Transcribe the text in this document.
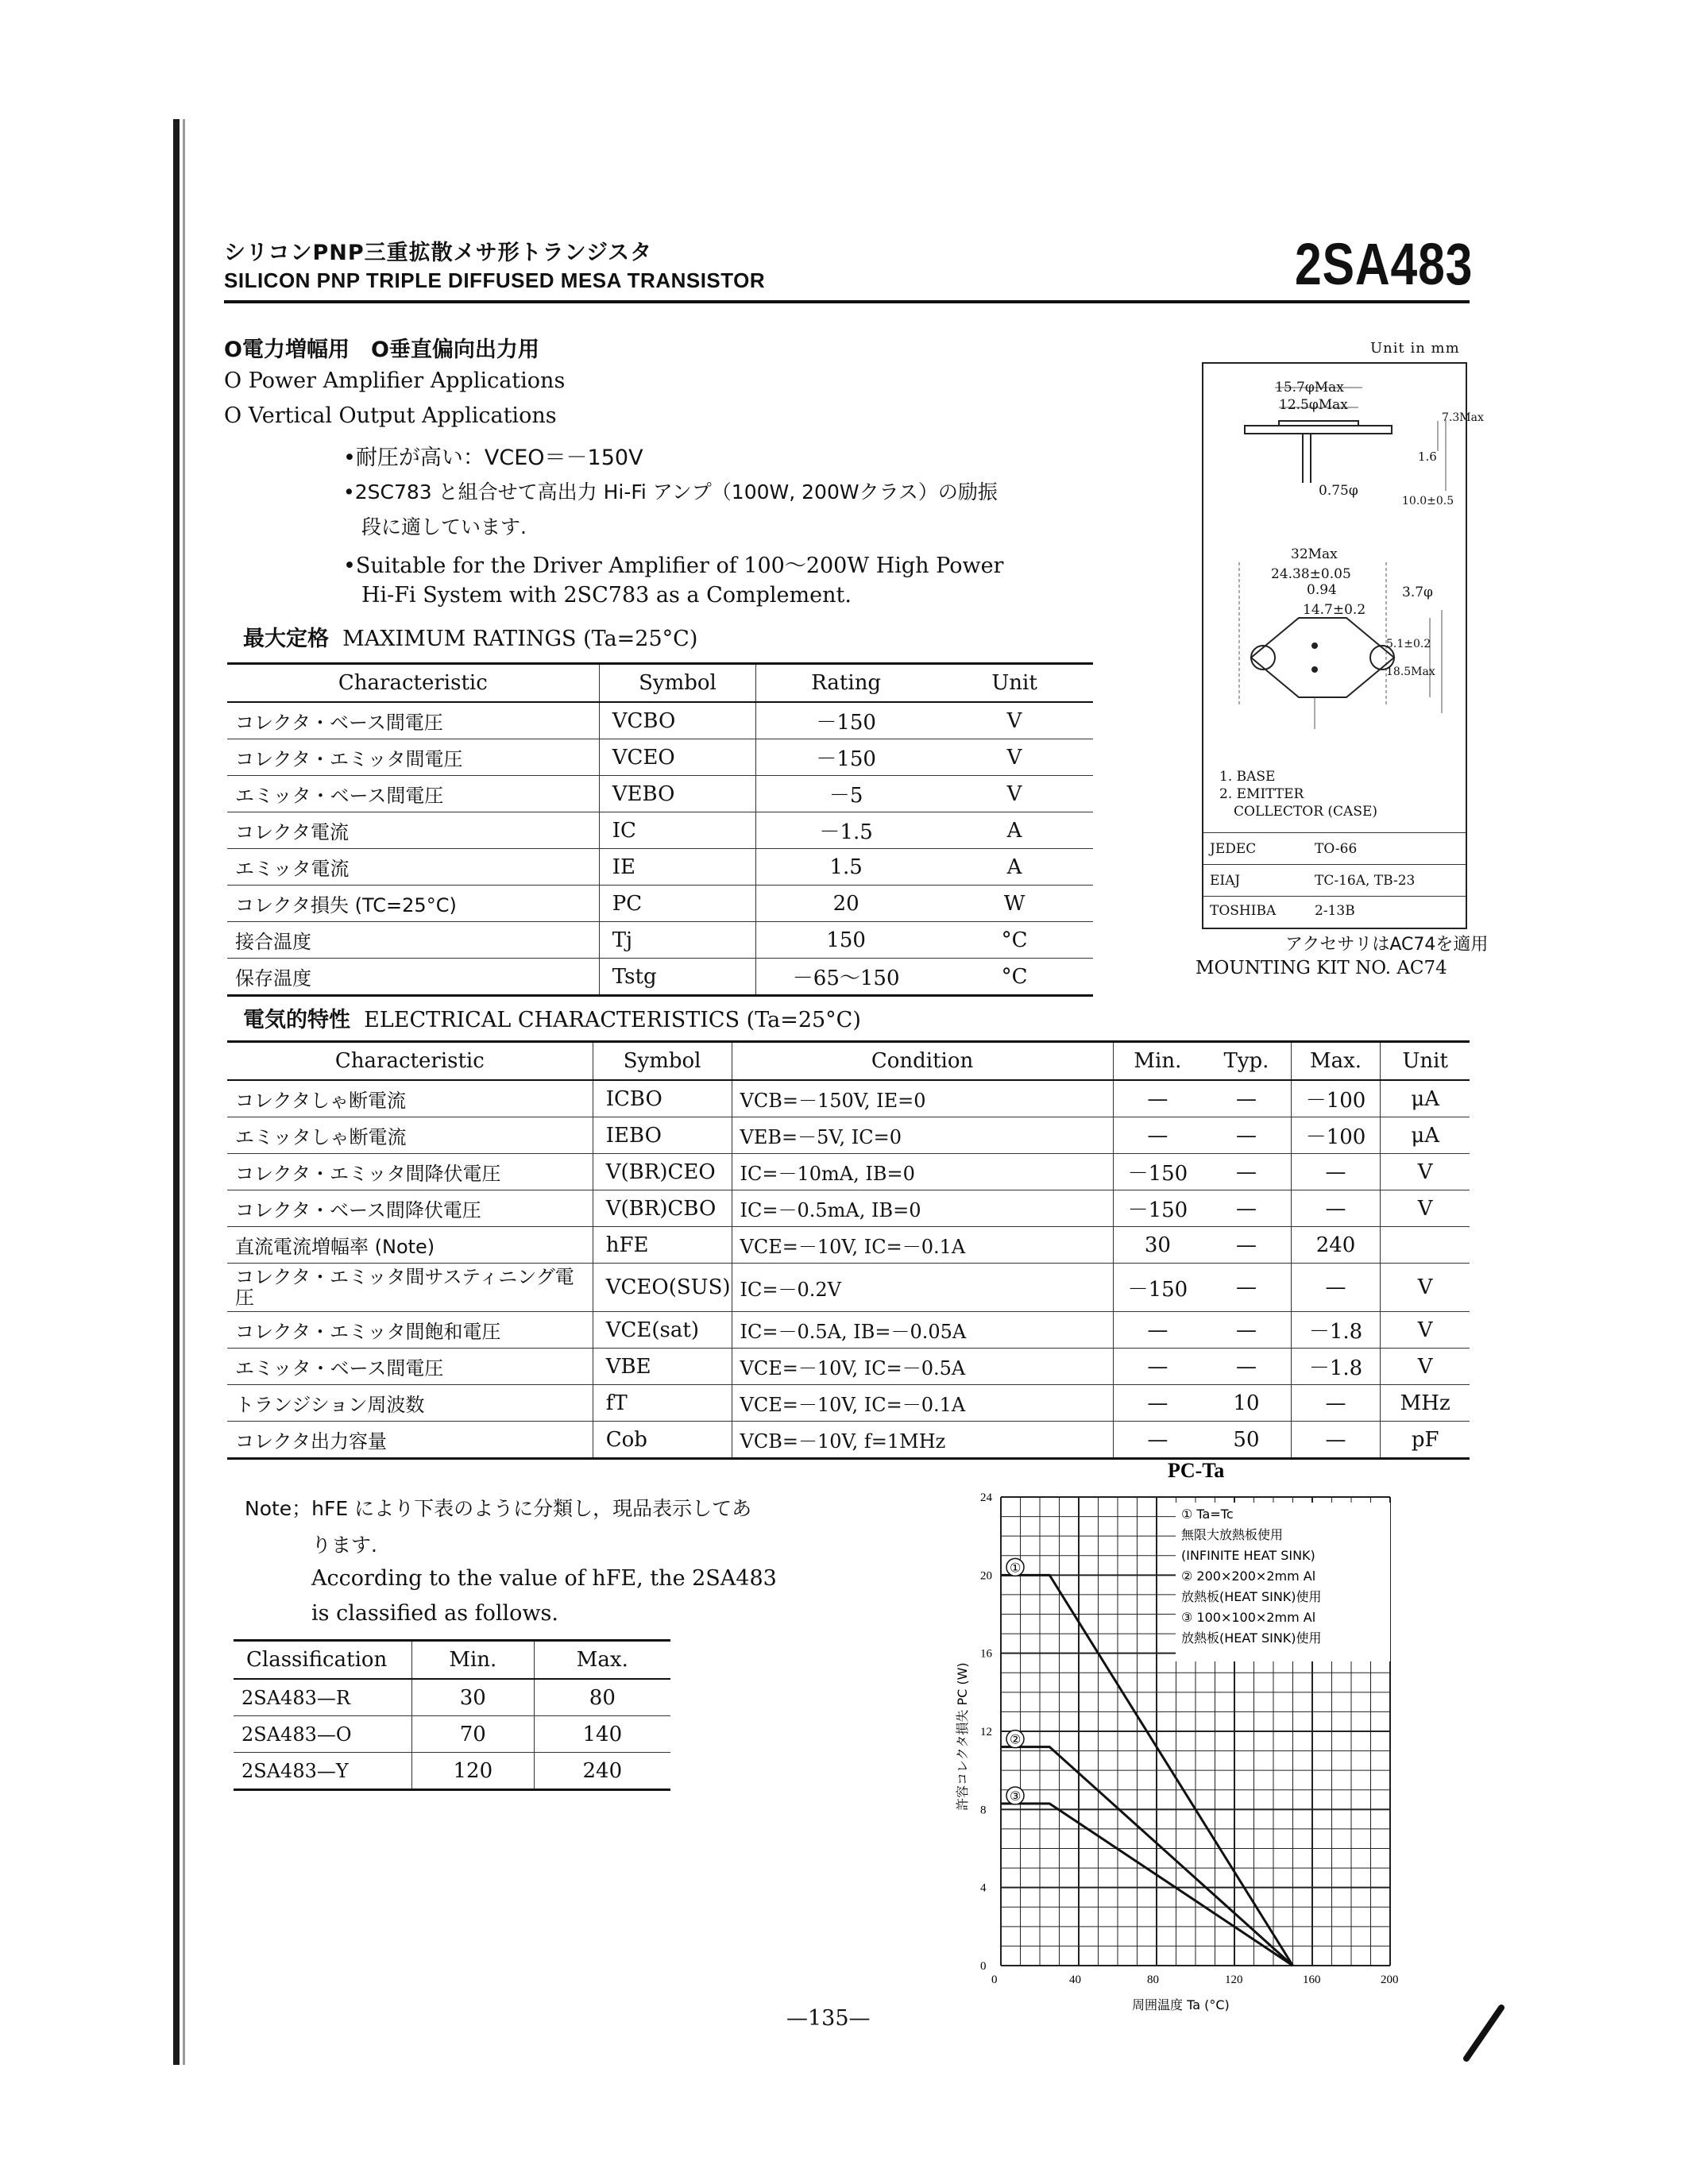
シリコンPNP三重拡散メサ形トランジスタ
SILICON PNP TRIPLE DIFFUSED MESA TRANSISTOR	2SA483
O電力増幅用　O垂直偏向出力用
O Power Amplifier Applications
O Vertical Output Applications
•耐圧が高い：VCEO＝－150V
•2SC783 と組合せて高出力 Hi-Fi アンプ（100W, 200Wクラス）の励振
段に適しています.
•Suitable for the Driver Amplifier of 100～200W High Power
Hi-Fi System with 2SC783 as a Complement.
最大定格 MAXIMUM RATINGS (Ta=25°C)
Characteristic	Symbol	Rating	Unit
コレクタ・ベース間電圧	VCBO	－150	V
コレクタ・エミッタ間電圧	VCEO	－150	V
エミッタ・ベース間電圧	VEBO	－5	V
コレクタ電流	IC	－1.5	A
エミッタ電流	IE	1.5	A
コレクタ損失 (TC=25°C)	PC	20	W
接合温度	Tj	150	°C
保存温度	Tstg	－65～150	°C
Unit in mm
15.7φMax
12.5φMax
1.6
7.3Max
10.0±0.5
0.75φ
32Max
24.38±0.05
0.94	3.7φ
14.7±0.2
5.1±0.2
18.5Max
1. BASE
2. EMITTER
COLLECTOR (CASE)
JEDEC	TO-66
EIAJ	TC-16A, TB-23
TOSHIBA	2-13B
アクセサリはAC74を適用
MOUNTING KIT NO. AC74
電気的特性 ELECTRICAL CHARACTERISTICS (Ta=25°C)
Characteristic	Symbol	Condition	Min.	Typ.	Max.	Unit
コレクタしゃ断電流	ICBO	VCB=－150V, IE=0	—	—	－100	μA
エミッタしゃ断電流	IEBO	VEB=－5V, IC=0	—	—	－100	μA
コレクタ・エミッタ間降伏電圧	V(BR)CEO	IC=－10mA, IB=0	－150	—	—	V
コレクタ・ベース間降伏電圧	V(BR)CBO	IC=－0.5mA, IB=0	－150	—	—	V
直流電流増幅率 (Note)	hFE	VCE=－10V, IC=－0.1A	30	—	240	
コレクタ・エミッタ間サスティニング電圧	VCEO(SUS)	IC=－0.2V	－150	—	—	V
コレクタ・エミッタ間飽和電圧	VCE(sat)	IC=－0.5A, IB=－0.05A	—	—	－1.8	V
エミッタ・ベース間電圧	VBE	VCE=－10V, IC=－0.5A	—	—	－1.8	V
トランジション周波数	fT	VCE=－10V, IC=－0.1A	—	10	—	MHz
コレクタ出力容量	Cob	VCB=－10V, f=1MHz	—	50	—	pF
Note；hFE により下表のように分類し，現品表示してあ
ります.
According to the value of hFE, the 2SA483
is classified as follows.
Classification	Min.	Max.
2SA483—R	30	80
2SA483—O	70	140
2SA483—Y	120	240
PC-Ta
0	40	80	120	160	200
0
4
8
12
16
20
24
①
②
③
① Ta=Tc
無限大放熱板使用
(INFINITE HEAT SINK)
② 200×200×2mm Al
放熱板(HEAT SINK)使用
③ 100×100×2mm Al
放熱板(HEAT SINK)使用
周囲温度 Ta (°C)
許容コレクタ損失 PC (W)
—135—
